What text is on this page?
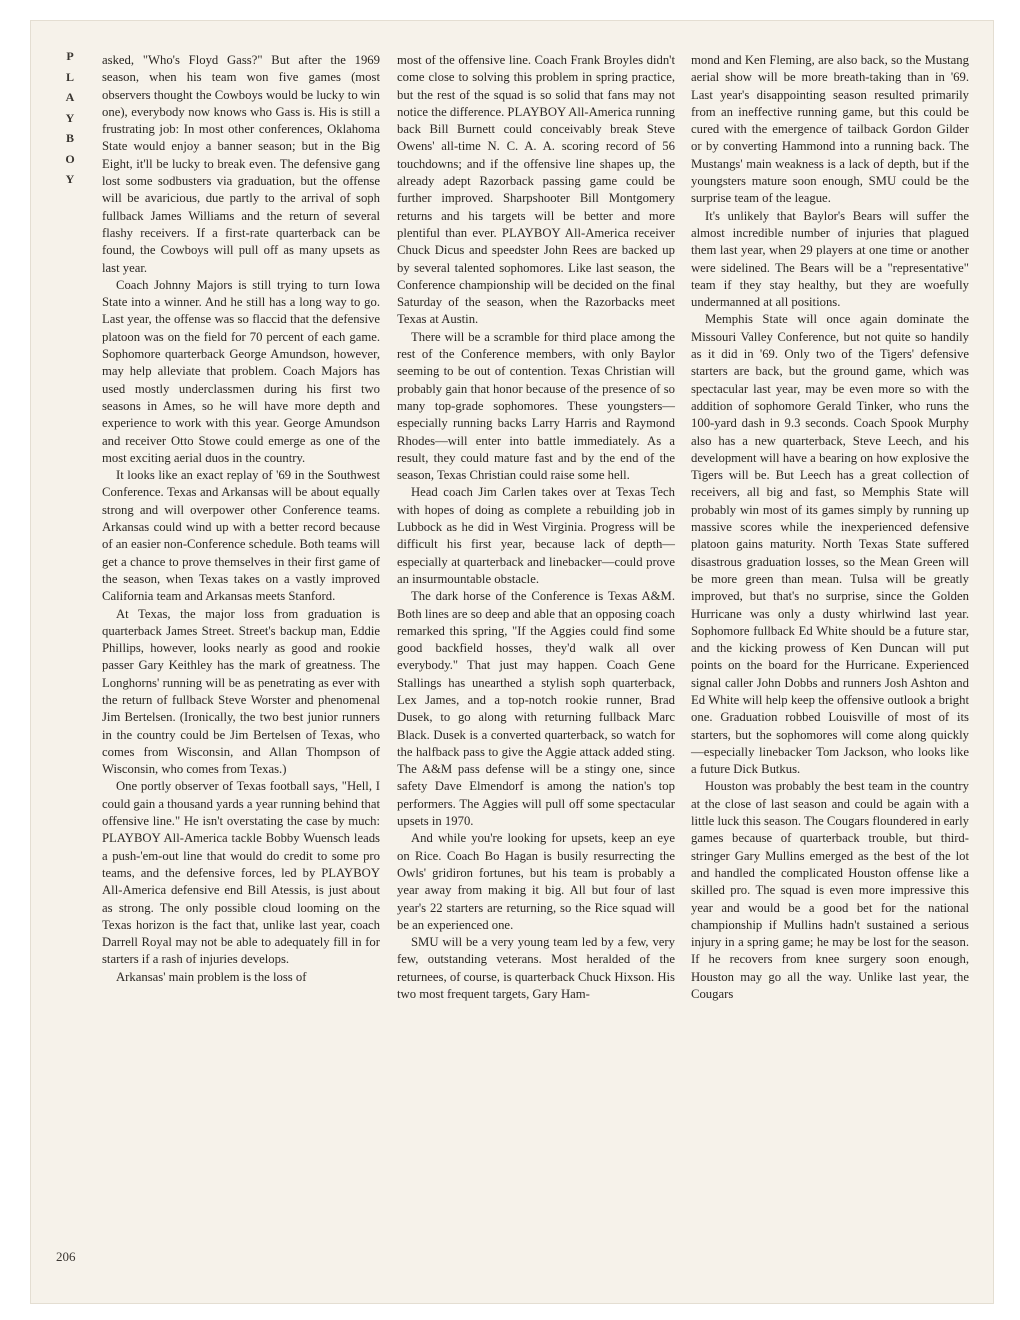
P
L
A
Y
B
O
Y

asked, "Who's Floyd Gass?" But after the 1969 season, when his team won five games (most observers thought the Cowboys would be lucky to win one), everybody now knows who Gass is. His is still a frustrating job: In most other conferences, Oklahoma State would enjoy a banner season; but in the Big Eight, it'll be lucky to break even. The defensive gang lost some sodbusters via graduation, but the offense will be avaricious, due partly to the arrival of soph fullback James Williams and the return of several flashy receivers. If a first-rate quarterback can be found, the Cowboys will pull off as many upsets as last year.

Coach Johnny Majors is still trying to turn Iowa State into a winner. And he still has a long way to go. Last year, the offense was so flaccid that the defensive platoon was on the field for 70 percent of each game. Sophomore quarterback George Amundson, however, may help alleviate that problem. Coach Majors has used mostly underclassmen during his first two seasons in Ames, so he will have more depth and experience to work with this year. George Amundson and receiver Otto Stowe could emerge as one of the most exciting aerial duos in the country.

It looks like an exact replay of '69 in the Southwest Conference. Texas and Arkansas will be about equally strong and will overpower other Conference teams. Arkansas could wind up with a better record because of an easier non-Conference schedule. Both teams will get a chance to prove themselves in their first game of the season, when Texas takes on a vastly improved California team and Arkansas meets Stanford.

At Texas, the major loss from graduation is quarterback James Street. Street's backup man, Eddie Phillips, however, looks nearly as good and rookie passer Gary Keithley has the mark of greatness. The Longhorns' running will be as penetrating as ever with the return of fullback Steve Worster and phenomenal Jim Bertelsen. (Ironically, the two best junior runners in the country could be Jim Bertelsen of Texas, who comes from Wisconsin, and Allan Thompson of Wisconsin, who comes from Texas.)

One portly observer of Texas football says, "Hell, I could gain a thousand yards a year running behind that offensive line." He isn't overstating the case by much: PLAYBOY All-America tackle Bobby Wuensch leads a push-'em-out line that would do credit to some pro teams, and the defensive forces, led by PLAYBOY All-America defensive end Bill Atessis, is just about as strong. The only possible cloud looming on the Texas horizon is the fact that, unlike last year, coach Darrell Royal may not be able to adequately fill in for starters if a rash of injuries develops.

Arkansas' main problem is the loss of

most of the offensive line. Coach Frank Broyles didn't come close to solving this problem in spring practice, but the rest of the squad is so solid that fans may not notice the difference. PLAYBOY All-America running back Bill Burnett could conceivably break Steve Owens' all-time N. C. A. A. scoring record of 56 touchdowns; and if the offensive line shapes up, the already adept Razorback passing game could be further improved. Sharpshooter Bill Montgomery returns and his targets will be better and more plentiful than ever. PLAYBOY All-America receiver Chuck Dicus and speedster John Rees are backed up by several talented sophomores. Like last season, the Conference championship will be decided on the final Saturday of the season, when the Razorbacks meet Texas at Austin.

There will be a scramble for third place among the rest of the Conference members, with only Baylor seeming to be out of contention. Texas Christian will probably gain that honor because of the presence of so many top-grade sophomores. These youngsters—especially running backs Larry Harris and Raymond Rhodes—will enter into battle immediately. As a result, they could mature fast and by the end of the season, Texas Christian could raise some hell.

Head coach Jim Carlen takes over at Texas Tech with hopes of doing as complete a rebuilding job in Lubbock as he did in West Virginia. Progress will be difficult his first year, because lack of depth—especially at quarterback and linebacker—could prove an insurmountable obstacle.

The dark horse of the Conference is Texas A&M. Both lines are so deep and able that an opposing coach remarked this spring, "If the Aggies could find some good backfield hosses, they'd walk all over everybody." That just may happen. Coach Gene Stallings has unearthed a stylish soph quarterback, Lex James, and a top-notch rookie runner, Brad Dusek, to go along with returning fullback Marc Black. Dusek is a converted quarterback, so watch for the halfback pass to give the Aggie attack added sting. The A&M pass defense will be a stingy one, since safety Dave Elmendorf is among the nation's top performers. The Aggies will pull off some spectacular upsets in 1970.

And while you're looking for upsets, keep an eye on Rice. Coach Bo Hagan is busily resurrecting the Owls' gridiron fortunes, but his team is probably a year away from making it big. All but four of last year's 22 starters are returning, so the Rice squad will be an experienced one.

SMU will be a very young team led by a few, very few, outstanding veterans. Most heralded of the returnees, of course, is quarterback Chuck Hixson. His two most frequent targets, Gary Ham-

mond and Ken Fleming, are also back, so the Mustang aerial show will be more breath-taking than in '69. Last year's disappointing season resulted primarily from an ineffective running game, but this could be cured with the emergence of tailback Gordon Gilder or by converting Hammond into a running back. The Mustangs' main weakness is a lack of depth, but if the youngsters mature soon enough, SMU could be the surprise team of the league.

It's unlikely that Baylor's Bears will suffer the almost incredible number of injuries that plagued them last year, when 29 players at one time or another were sidelined. The Bears will be a "representative" team if they stay healthy, but they are woefully undermanned at all positions.

Memphis State will once again dominate the Missouri Valley Conference, but not quite so handily as it did in '69. Only two of the Tigers' defensive starters are back, but the ground game, which was spectacular last year, may be even more so with the addition of sophomore Gerald Tinker, who runs the 100-yard dash in 9.3 seconds. Coach Spook Murphy also has a new quarterback, Steve Leech, and his development will have a bearing on how explosive the Tigers will be. But Leech has a great collection of receivers, all big and fast, so Memphis State will probably win most of its games simply by running up massive scores while the inexperienced defensive platoon gains maturity. North Texas State suffered disastrous graduation losses, so the Mean Green will be more green than mean. Tulsa will be greatly improved, but that's no surprise, since the Golden Hurricane was only a dusty whirlwind last year. Sophomore fullback Ed White should be a future star, and the kicking prowess of Ken Duncan will put points on the board for the Hurricane. Experienced signal caller John Dobbs and runners Josh Ashton and Ed White will help keep the offensive outlook a bright one. Graduation robbed Louisville of most of its starters, but the sophomores will come along quickly—especially linebacker Tom Jackson, who looks like a future Dick Butkus.

Houston was probably the best team in the country at the close of last season and could be again with a little luck this season. The Cougars floundered in early games because of quarterback trouble, but third-stringer Gary Mullins emerged as the best of the lot and handled the complicated Houston offense like a skilled pro. The squad is even more impressive this year and would be a good bet for the national championship if Mullins hadn't sustained a serious injury in a spring game; he may be lost for the season. If he recovers from knee surgery soon enough, Houston may go all the way. Unlike last year, the Cougars

206
